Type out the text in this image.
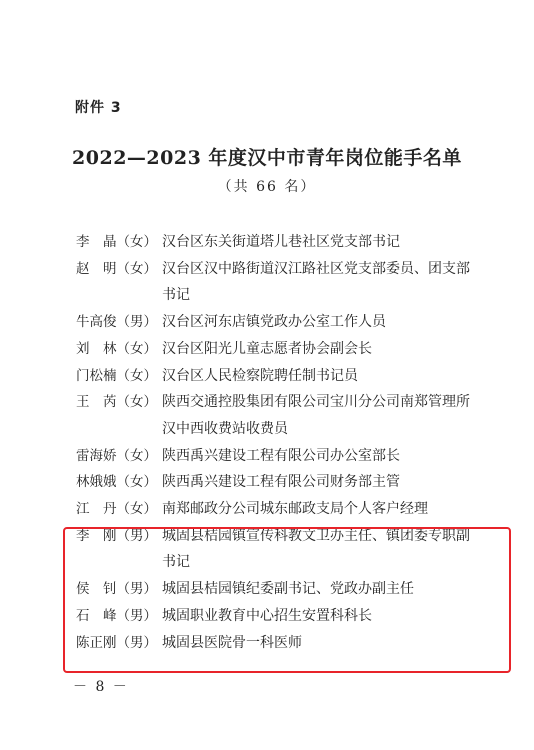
附件 3
2022—2023 年度汉中市青年岗位能手名单
（共 66 名）
李　晶（女） 汉台区东关街道塔儿巷社区党支部书记
赵　明（女） 汉台区汉中路街道汉江路社区党支部委员、团支部书记
牛高俊（男） 汉台区河东店镇党政办公室工作人员
刘　林（女） 汉台区阳光儿童志愿者协会副会长
门松楠（女） 汉台区人民检察院聘任制书记员
王　芮（女） 陕西交通控股集团有限公司宝川分公司南郑管理所汉中西收费站收费员
雷海娇（女） 陕西禹兴建设工程有限公司办公室部长
林娥娥（女） 陕西禹兴建设工程有限公司财务部主管
江　丹（女） 南郑邮政分公司城东邮政支局个人客户经理
李　刚（男） 城固县桔园镇宣传科教文卫办主任、镇团委专职副书记
侯　钊（男） 城固县桔园镇纪委副书记、党政办副主任
石　峰（男） 城固职业教育中心招生安置科科长
陈正刚（男） 城固县医院骨一科医师
－ 8 －
